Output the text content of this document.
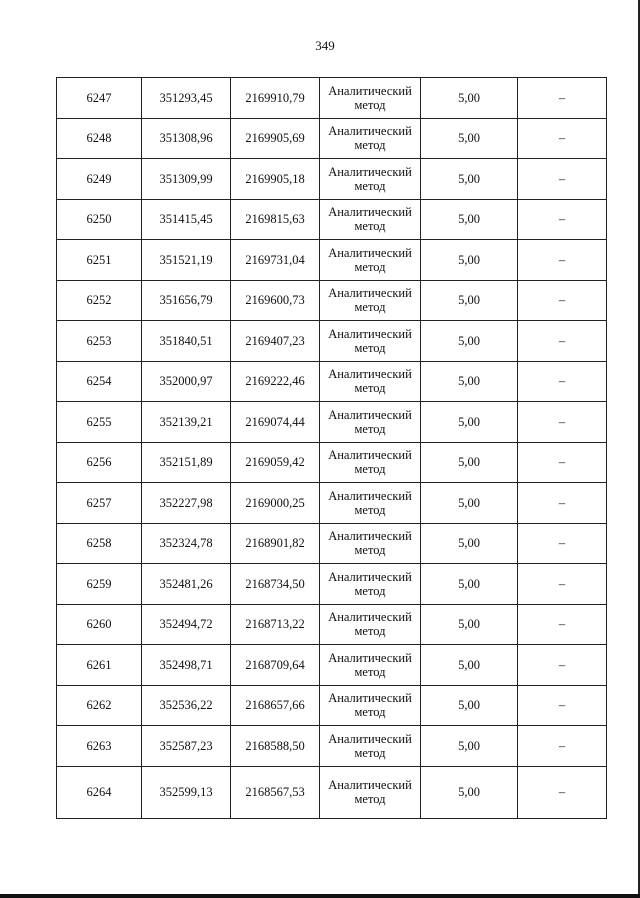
349
6247	351293,45	2169910,79	Аналитический метод	5,00	–
6248	351308,96	2169905,69	Аналитический метод	5,00	–
6249	351309,99	2169905,18	Аналитический метод	5,00	–
6250	351415,45	2169815,63	Аналитический метод	5,00	–
6251	351521,19	2169731,04	Аналитический метод	5,00	–
6252	351656,79	2169600,73	Аналитический метод	5,00	–
6253	351840,51	2169407,23	Аналитический метод	5,00	–
6254	352000,97	2169222,46	Аналитический метод	5,00	–
6255	352139,21	2169074,44	Аналитический метод	5,00	–
6256	352151,89	2169059,42	Аналитический метод	5,00	–
6257	352227,98	2169000,25	Аналитический метод	5,00	–
6258	352324,78	2168901,82	Аналитический метод	5,00	–
6259	352481,26	2168734,50	Аналитический метод	5,00	–
6260	352494,72	2168713,22	Аналитический метод	5,00	–
6261	352498,71	2168709,64	Аналитический метод	5,00	–
6262	352536,22	2168657,66	Аналитический метод	5,00	–
6263	352587,23	2168588,50	Аналитический метод	5,00	–
6264	352599,13	2168567,53	Аналитический метод	5,00	–
